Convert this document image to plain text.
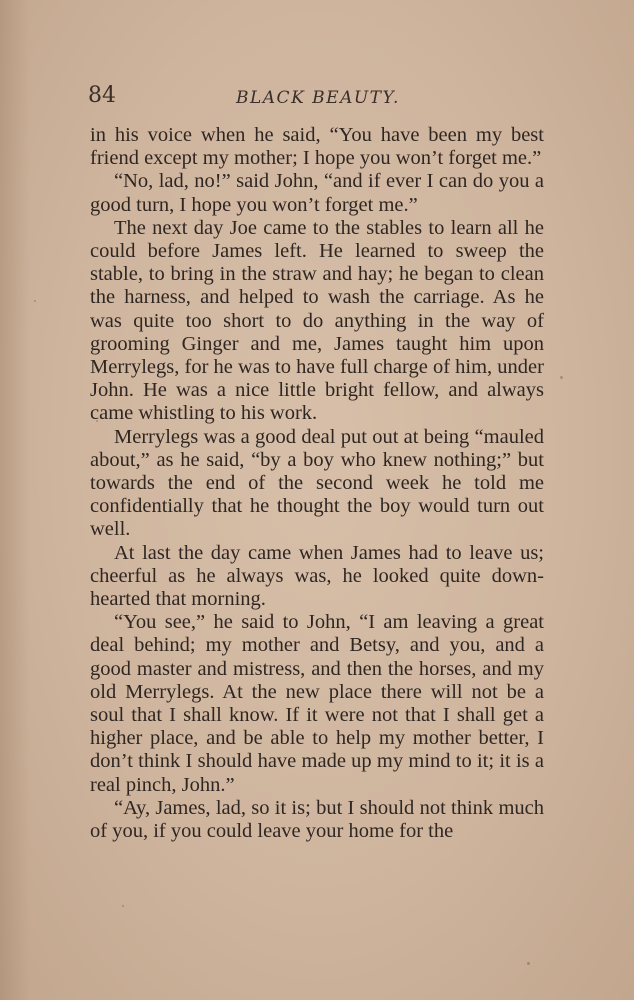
84	BLACK BEAUTY.

in his voice when he said, “You have been my best friend except my mother; I hope you won’t forget me.”

“No, lad, no!” said John, “and if ever I can do you a good turn, I hope you won’t forget me.”

The next day Joe came to the stables to learn all he could before James left. He learned to sweep the stable, to bring in the straw and hay; he began to clean the harness, and helped to wash the carriage. As he was quite too short to do anything in the way of grooming Ginger and me, James taught him upon Merrylegs, for he was to have full charge of him, under John. He was a nice little bright fellow, and always came whistling to his work.

Merrylegs was a good deal put out at being “mauled about,” as he said, “by a boy who knew nothing;” but towards the end of the second week he told me confidentially that he thought the boy would turn out well.

At last the day came when James had to leave us; cheerful as he always was, he looked quite down-hearted that morning.

“You see,” he said to John, “I am leaving a great deal behind; my mother and Betsy, and you, and a good master and mistress, and then the horses, and my old Merrylegs. At the new place there will not be a soul that I shall know. If it were not that I shall get a higher place, and be able to help my mother better, I don’t think I should have made up my mind to it; it is a real pinch, John.”

“Ay, James, lad, so it is; but I should not think much of you, if you could leave your home for the
